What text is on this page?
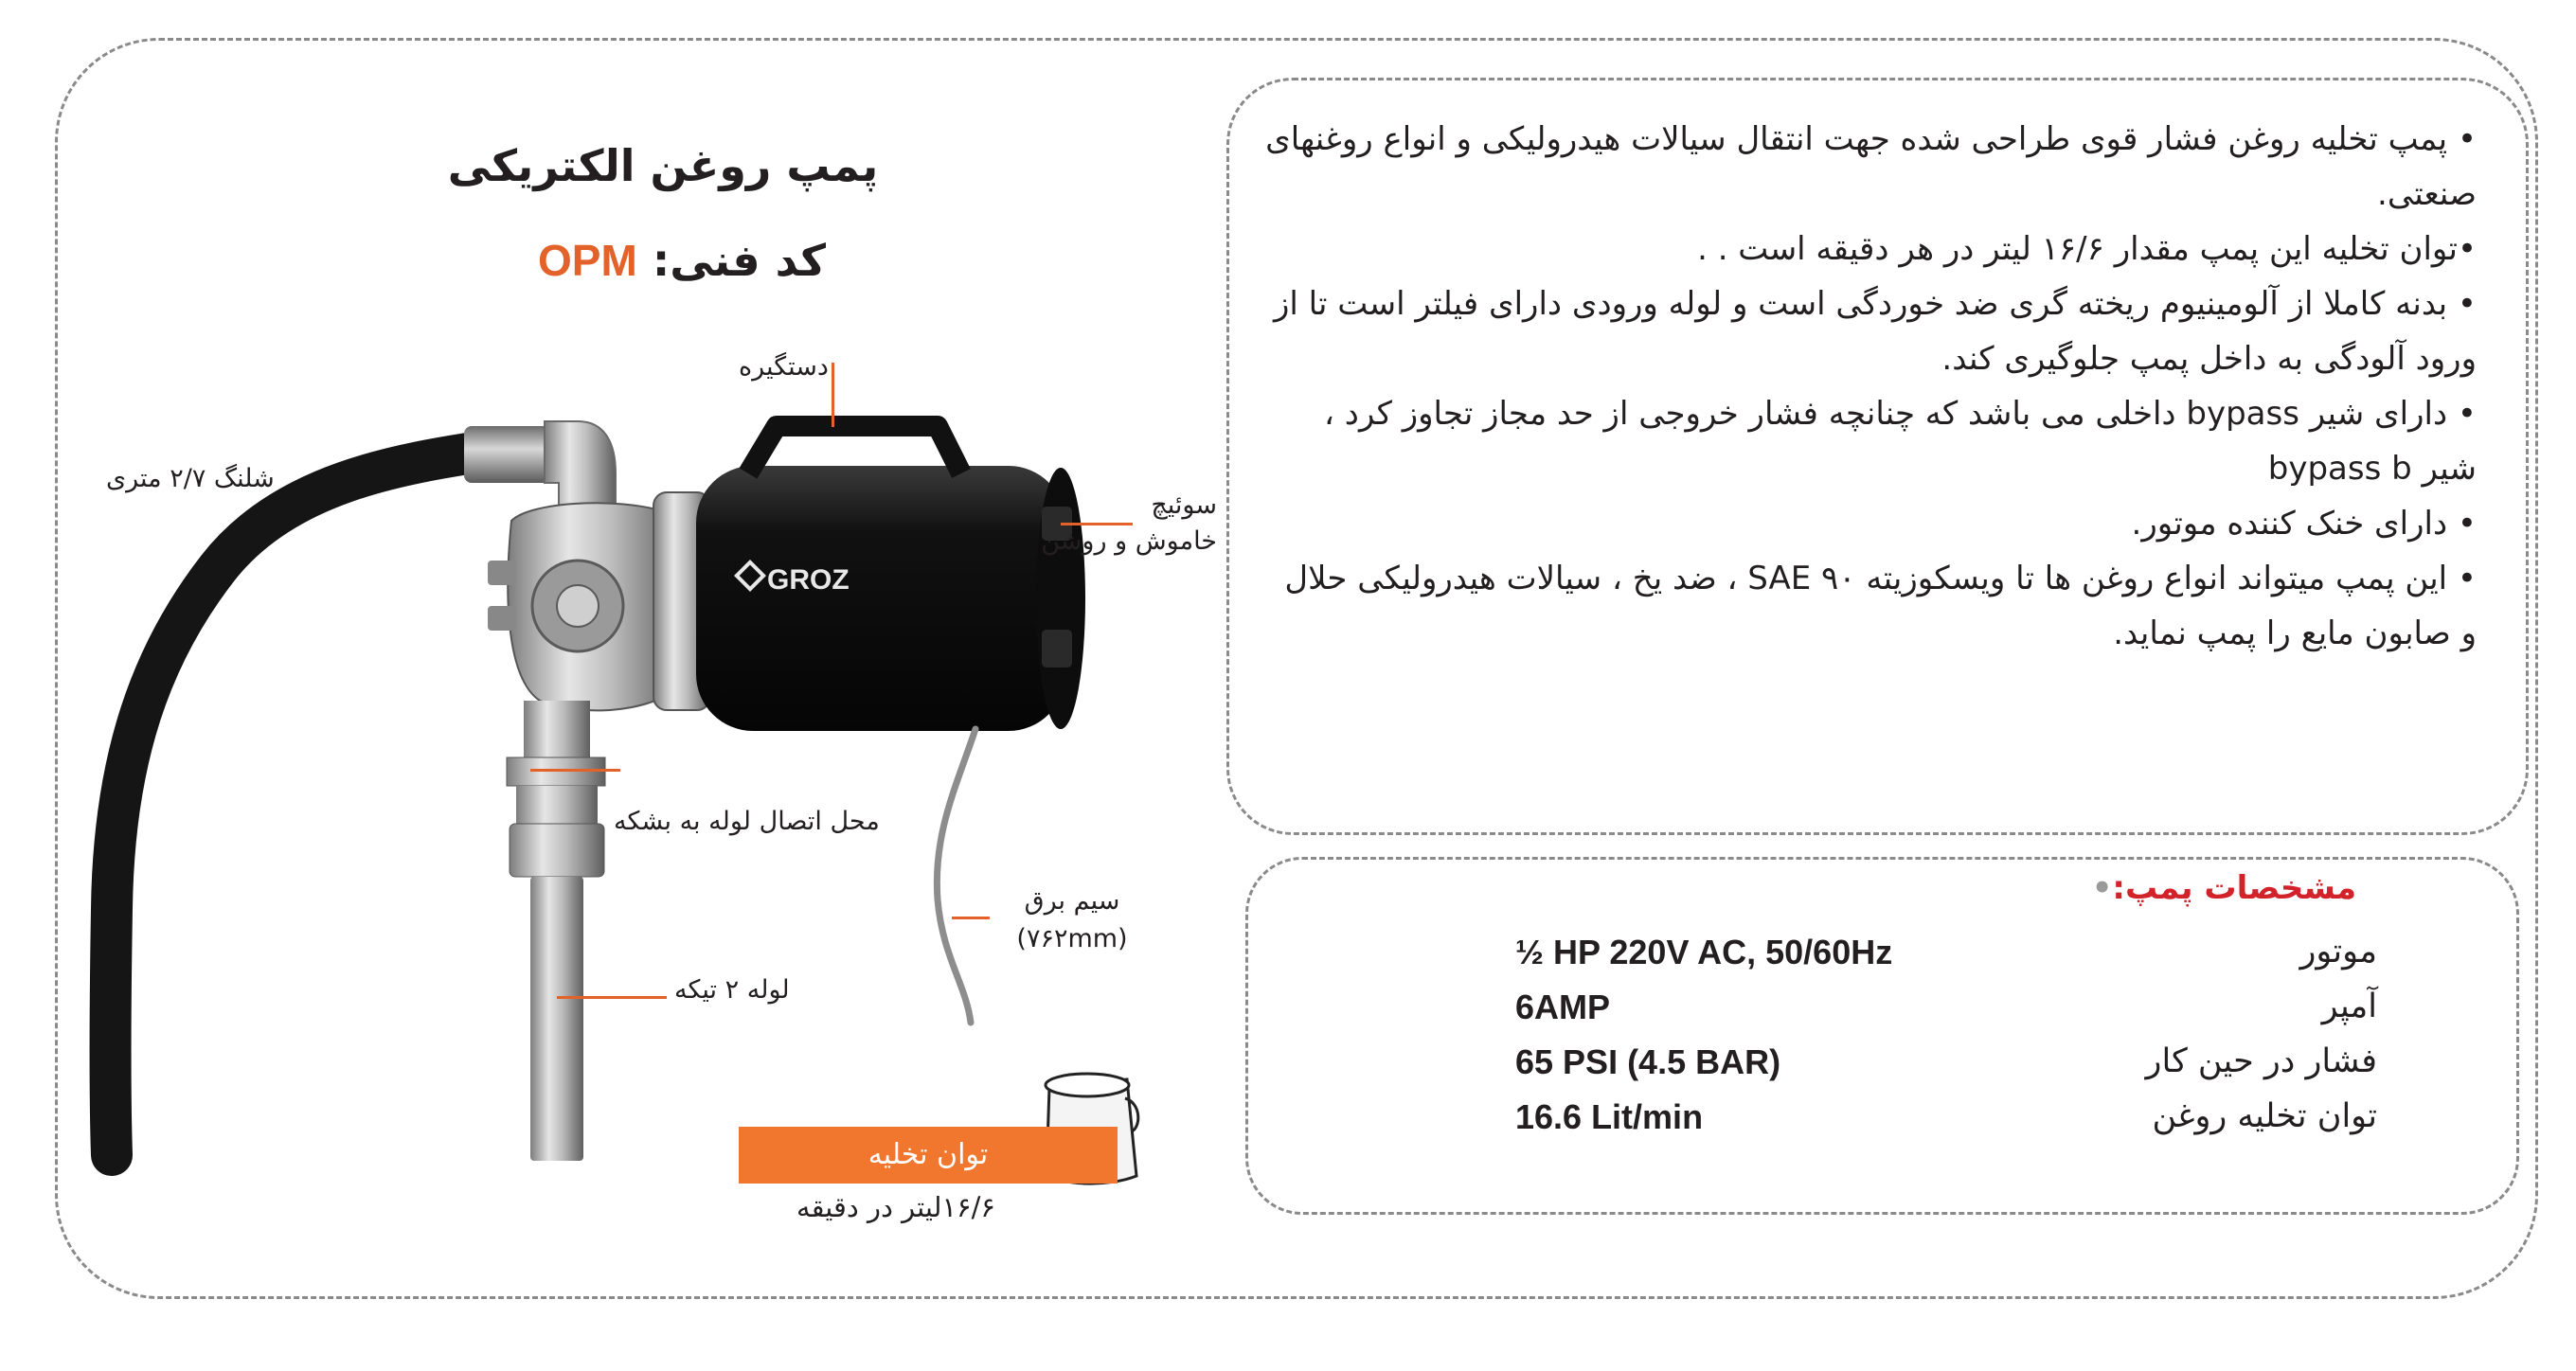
پمپ روغن الکتریکی
کد فنی: OPM
GROZ
دستگیره
شلنگ ۲/۷ متری
سوئیچ
خاموش و روشن
محل اتصال لوله به بشکه
سیم برق
(۷۶۲mm)
لوله ۲ تیکه
توان تخلیه
۱۶/۶لیتر در دقیقه
• پمپ تخلیه روغن فشار قوی طراحی شده جهت انتقال سیالات هیدرولیکی و انواع روغنهای صنعتی.
•توان تخلیه این پمپ مقدار ۱۶/۶ لیتر در هر دقیقه است . .
• بدنه کاملا از آلومینیوم ریخته گری ضد خوردگی است و لوله ورودی دارای فیلتر است تا از ورود آلودگی به داخل پمپ جلوگیری کند.
• دارای شیر bypass داخلی می باشد که چنانچه فشار خروجی از حد مجاز تجاوز کرد ، شیر bypass b
• دارای خنک کننده موتور.
• این پمپ میتواند انواع روغن ها تا ویسکوزیته SAE ۹۰ ، ضد یخ ، سیالات هیدرولیکی حلال و صابون مایع را پمپ نماید.
مشخصات پمپ:•
موتور
½ HP 220V AC, 50/60Hz
آمپر
6AMP
فشار در حین کار
65 PSI (4.5 BAR)
توان تخلیه روغن
16.6 Lit/min
